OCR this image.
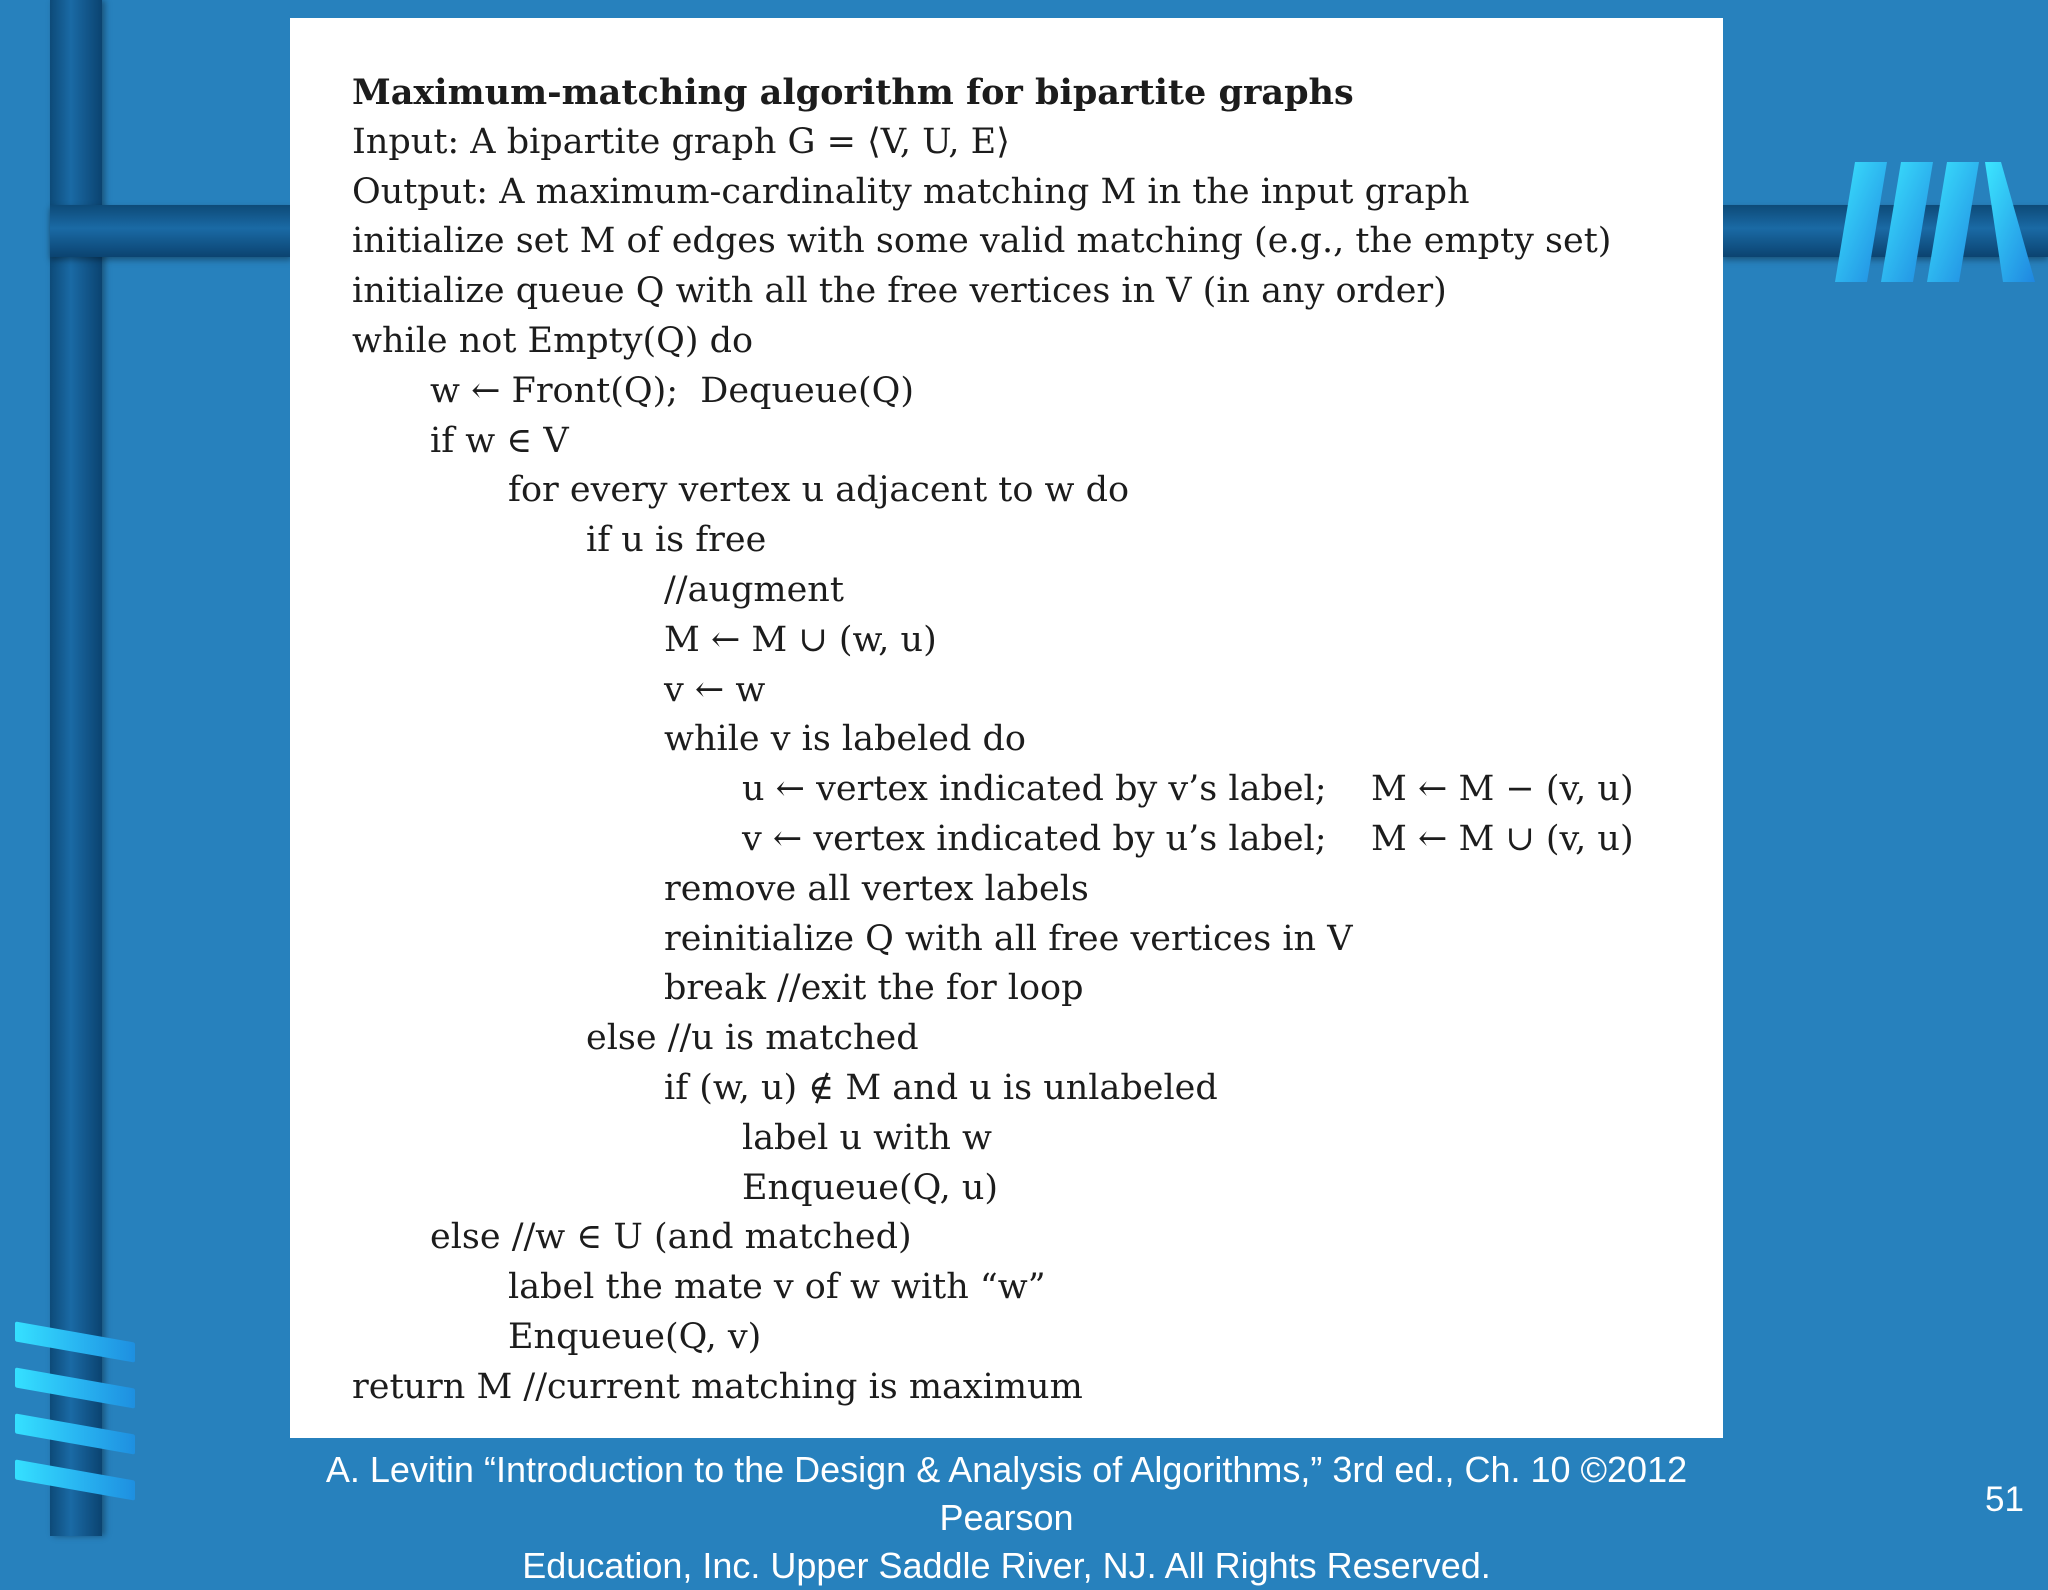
Maximum-matching algorithm for bipartite graphs
Input: A bipartite graph G = ⟨V, U, E⟩
Output: A maximum-cardinality matching M in the input graph
initialize set M of edges with some valid matching (e.g., the empty set)
initialize queue Q with all the free vertices in V (in any order)
while not Empty(Q) do
w ← Front(Q);  Dequeue(Q)
if w ∈ V
for every vertex u adjacent to w do
if u is free
//augment
M ← M ∪ (w, u)
v ← w
while v is labeled do
u ← vertex indicated by v’s label;    M ← M − (v, u)
v ← vertex indicated by u’s label;    M ← M ∪ (v, u)
remove all vertex labels
reinitialize Q with all free vertices in V
break //exit the for loop
else //u is matched
if (w, u) ∉ M and u is unlabeled
label u with w
Enqueue(Q, u)
else //w ∈ U (and matched)
label the mate v of w with “w”
Enqueue(Q, v)
return M //current matching is maximum
A. Levitin “Introduction to the Design & Analysis of Algorithms,” 3rd ed., Ch. 10 ©2012 Pearson
Education, Inc. Upper Saddle River, NJ. All Rights Reserved.
51
